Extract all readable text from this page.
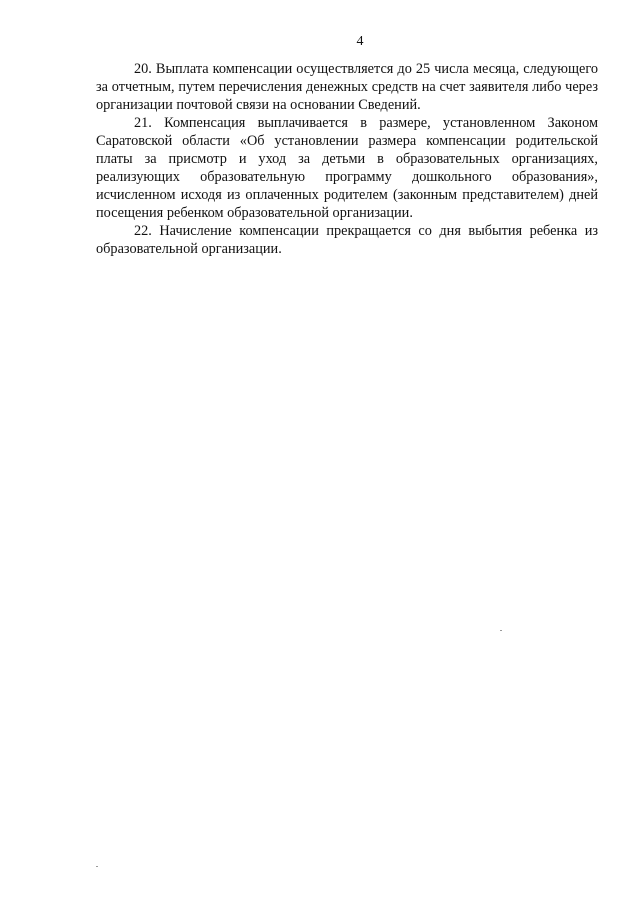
4

20. Выплата компенсации осуществляется до 25 числа месяца, следующего за отчетным, путем перечисления денежных средств на счет заявителя либо через организации почтовой связи на основании Сведений.

21. Компенсация выплачивается в размере, установленном Законом Саратовской области «Об установлении размера компенсации родительской платы за присмотр и уход за детьми в образовательных организациях, реализующих образовательную программу дошкольного образования», исчисленном исходя из оплаченных родителем (законным представителем) дней посещения ребенком образовательной организации.

22. Начисление компенсации прекращается со дня выбытия ребенка из образовательной организации.
